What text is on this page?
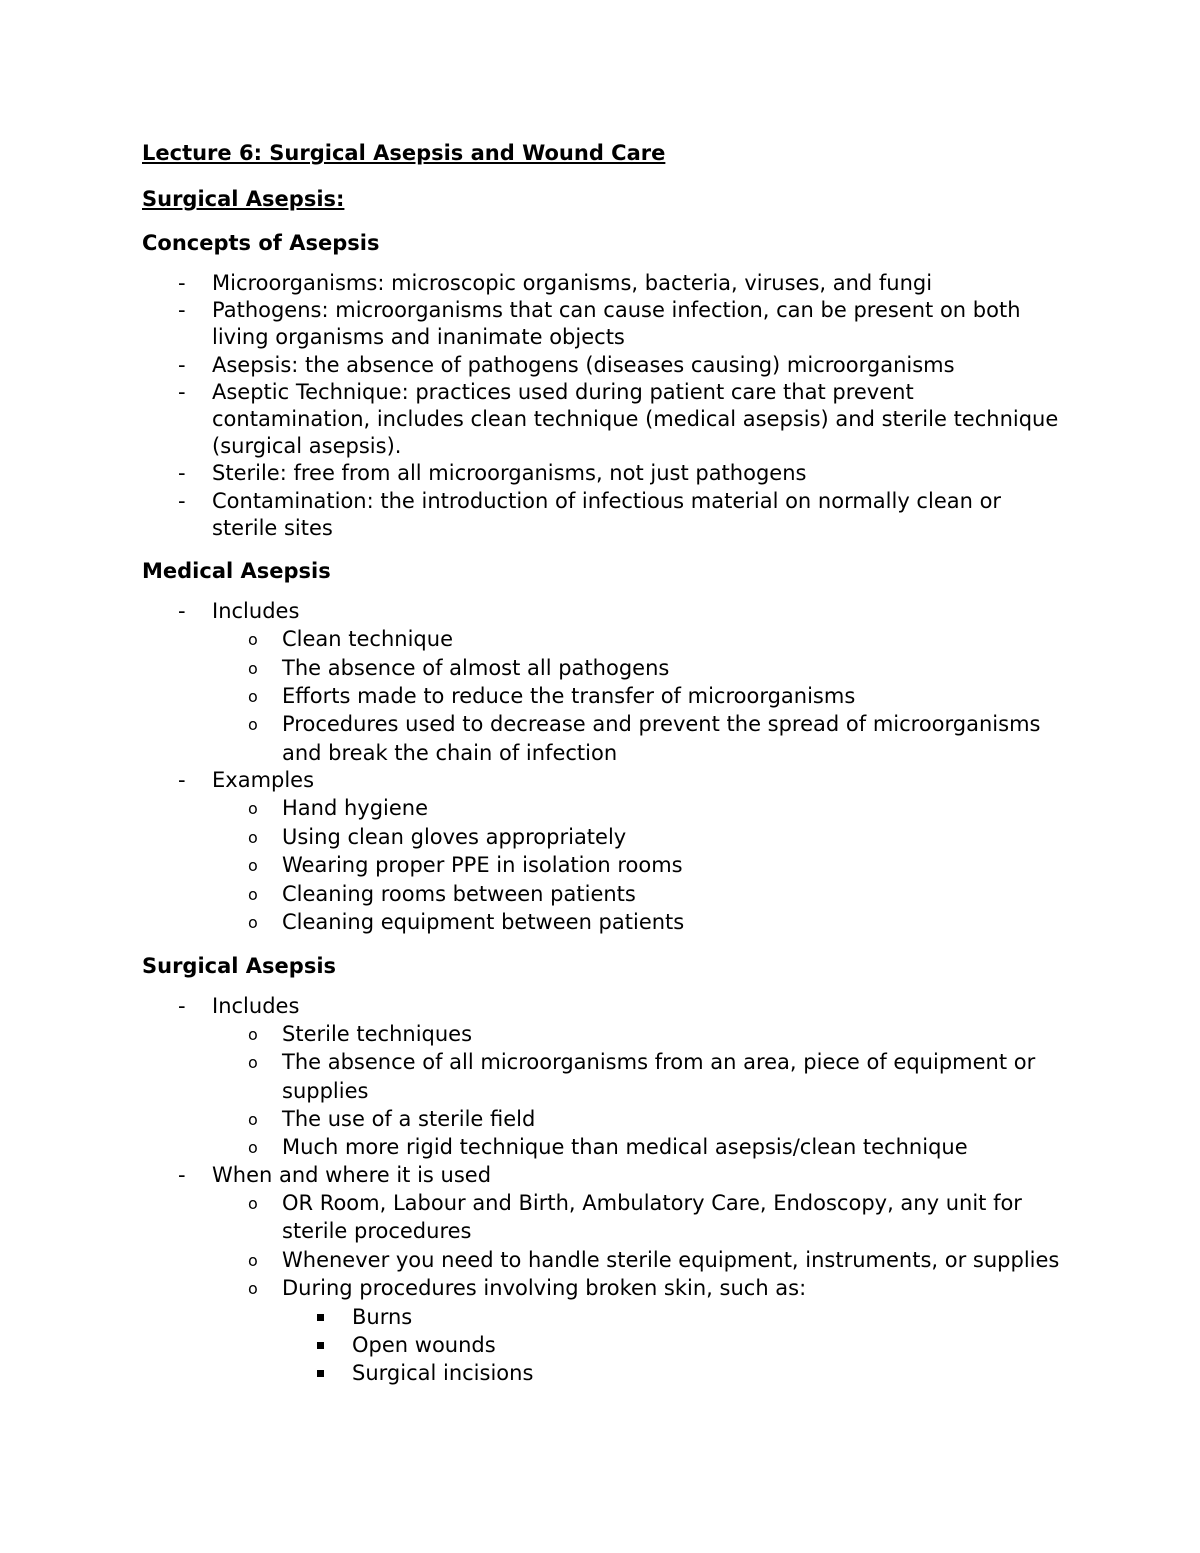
Lecture 6: Surgical Asepsis and Wound Care
Surgical Asepsis:
Concepts of Asepsis
- Microorganisms: microscopic organisms, bacteria, viruses, and fungi
- Pathogens: microorganisms that can cause infection, can be present on both living organisms and inanimate objects
- Asepsis: the absence of pathogens (diseases causing) microorganisms
- Aseptic Technique: practices used during patient care that prevent contamination, includes clean technique (medical asepsis) and sterile technique (surgical asepsis).
- Sterile: free from all microorganisms, not just pathogens
- Contamination: the introduction of infectious material on normally clean or sterile sites
Medical Asepsis
- Includes
o Clean technique
o The absence of almost all pathogens
o Efforts made to reduce the transfer of microorganisms
o Procedures used to decrease and prevent the spread of microorganisms and break the chain of infection
- Examples
o Hand hygiene
o Using clean gloves appropriately
o Wearing proper PPE in isolation rooms
o Cleaning rooms between patients
o Cleaning equipment between patients
Surgical Asepsis
- Includes
o Sterile techniques
o The absence of all microorganisms from an area, piece of equipment or supplies
o The use of a sterile field
o Much more rigid technique than medical asepsis/clean technique
- When and where it is used
o OR Room, Labour and Birth, Ambulatory Care, Endoscopy, any unit for sterile procedures
o Whenever you need to handle sterile equipment, instruments, or supplies
o During procedures involving broken skin, such as:
Burns
Open wounds
Surgical incisions
